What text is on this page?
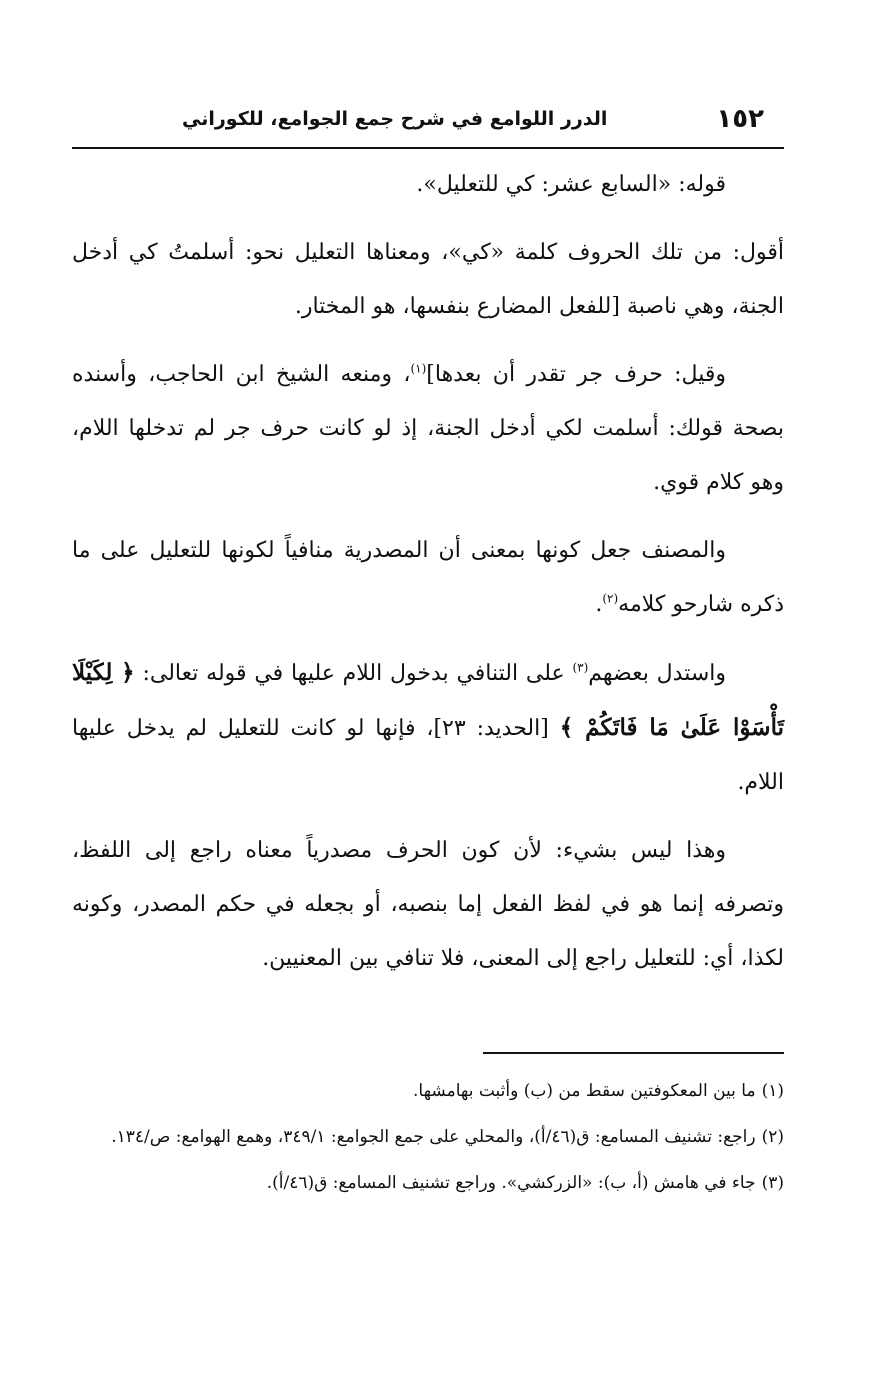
١٥٢
الدرر اللوامع في شرح جمع الجوامع، للكوراني

قوله: «السابع عشر: كي للتعليل».

أقول: من تلك الحروف كلمة «كي»، ومعناها التعليل نحو: أسلمتُ كي أدخل الجنة، وهي ناصبة [للفعل المضارع بنفسها، هو المختار.

وقيل: حرف جر تقدر أن بعدها]$^{(١)}$، ومنعه الشيخ ابن الحاجب، وأسنده بصحة قولك: أسلمت لكي أدخل الجنة، إذ لو كانت حرف جر لم تدخلها اللام، وهو كلام قوي.

والمصنف جعل كونها بمعنى أن المصدرية منافياً لكونها للتعليل على ما ذكره شارحو كلامه$^{(٢)}$.

واستدل بعضهم$^{(٣)}$ على التنافي بدخول اللام عليها في قوله تعالى: ﴿ لِكَيْلَا تَأْسَوْا عَلَىٰ مَا فَاتَكُمْ ﴾ [الحديد: ٢٣]، فإنها لو كانت للتعليل لم يدخل عليها اللام.

وهذا ليس بشيء: لأن كون الحرف مصدرياً معناه راجع إلى اللفظ، وتصرفه إنما هو في لفظ الفعل إما بنصبه، أو بجعله في حكم المصدر، وكونه لكذا، أي: للتعليل راجع إلى المعنى، فلا تنافي بين المعنيين.

(١)ما بين المعكوفتين سقط من (ب) وأثبت بهامشها.

(٢)راجع: تشنيف المسامع: ق(٤٦/أ)، والمحلي على جمع الجوامع: ٣٤٩/١، وهمع الهوامع: ص/١٣٤.

(٣)جاء في هامش (أ، ب): «الزركشي». وراجع تشنيف المسامع: ق(٤٦/أ).
